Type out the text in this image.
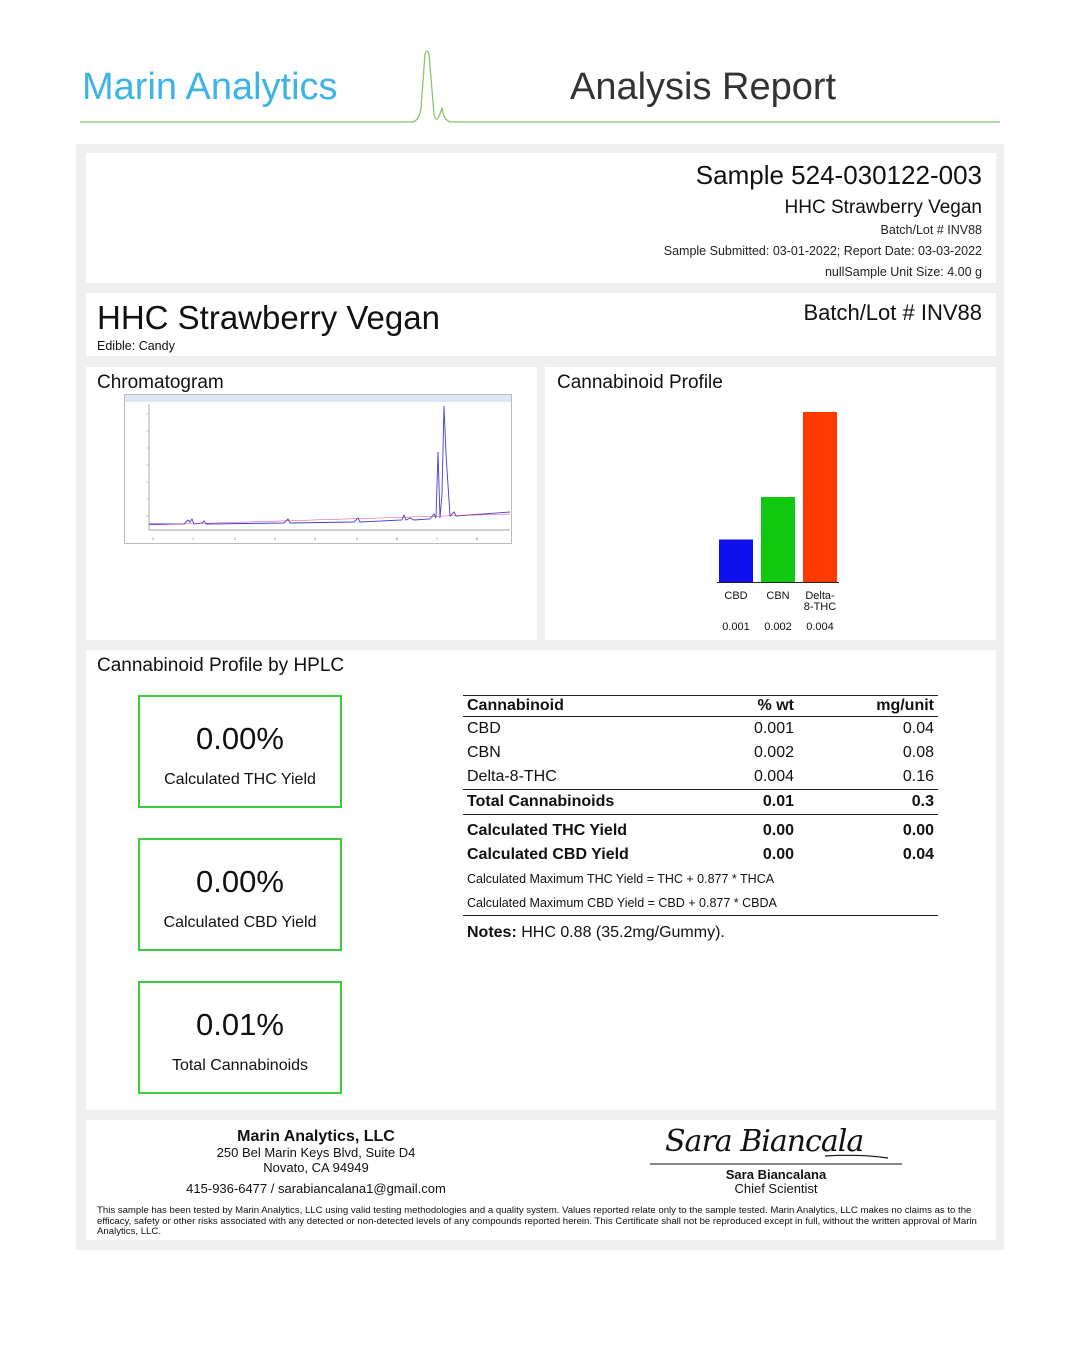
Marin Analytics	Analysis Report
Sample 524-030122-003
HHC Strawberry Vegan
Batch/Lot # INV88
Sample Submitted: 03-01-2022; Report Date: 03-03-2022
nullSample Unit Size: 4.00 g
HHC Strawberry Vegan
Edible: Candy
Batch/Lot # INV88
Chromatogram
0	1	2	3	4	5	6	7	8
Cannabinoid Profile
CBD
0.001
CBN
0.002
Delta-8-THC
0.004
Cannabinoid Profile by HPLC
0.00%
Calculated THC Yield
0.00%
Calculated CBD Yield
0.01%
Total Cannabinoids
Cannabinoid	% wt	mg/unit
CBD	0.001	0.04
CBN	0.002	0.08
Delta-8-THC	0.004	0.16
Total Cannabinoids	0.01	0.3
Calculated THC Yield	0.00	0.00
Calculated CBD Yield	0.00	0.04
Calculated Maximum THC Yield = THC + 0.877 * THCA		
Calculated Maximum CBD Yield = CBD + 0.877 * CBDA		
Notes: HHC 0.88 (35.2mg/Gummy).
Marin Analytics, LLC
250 Bel Marin Keys Blvd, Suite D4
Novato, CA 94949
415-936-6477 / sarabiancalana1@gmail.com
Sara Biancala
Sara Biancalana
Chief Scientist
This sample has been tested by Marin Analytics, LLC using valid testing methodologies and a quality system. Values reported relate only to the sample tested. Marin Analytics, LLC makes no claims as to the efficacy, safety or other risks associated with any detected or non-detected levels of any compounds reported herein. This Certificate shall not be reproduced except in full, without the written approval of Marin Analytics, LLC.
